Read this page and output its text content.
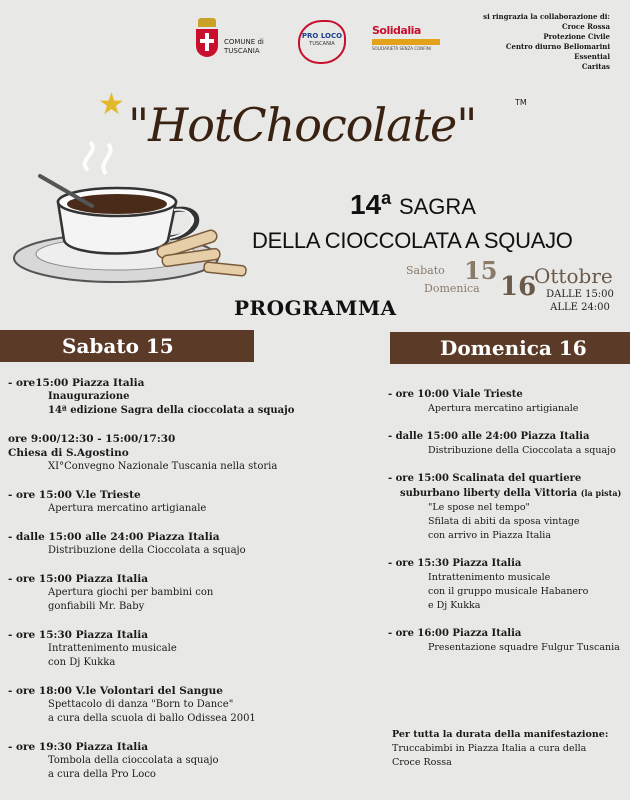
COMUNE di
TUSCANIA
PRO LOCO
TUSCANIA
Solidalia
SOLIDARIETÀ SENZA CONFINI
si ringrazia la collaborazione di:
Croce Rossa
Protezione Civile
Centro diurno Bellomarini
Essential
Caritas
★ "HotChocolate"	TM
14$^a$ SAGRA
DELLA CIOCCOLATA A SQUAJO
Sabato 15
Domenica 16
Ottobre
DALLE 15:00
ALLE 24:00
PROGRAMMA
Sabato 15	Domenica 16
- ore15:00 Piazza Italia
Inaugurazione
14ª edizione Sagra della cioccolata a squajo
ore 9:00/12:30 - 15:00/17:30
Chiesa di S.Agostino
XI°Convegno Nazionale Tuscania nella storia
- ore 15:00 V.le Trieste
Apertura mercatino artigianale
- dalle 15:00 alle 24:00 Piazza Italia
Distribuzione della Cioccolata a squajo
- ore 15:00 Piazza Italia
Apertura giochi per bambini con
gonfiabili Mr. Baby
- ore 15:30 Piazza Italia
Intrattenimento musicale
con Dj Kukka
- ore 18:00 V.le Volontari del Sangue
Spettacolo di danza "Born to Dance"
a cura della scuola di ballo Odissea 2001
- ore 19:30 Piazza Italia
Tombola della cioccolata a squajo
a cura della Pro Loco
- ore 10:00 Viale Trieste
Apertura mercatino artigianale
- dalle 15:00 alle 24:00 Piazza Italia
Distribuzione della Cioccolata a squajo
- ore 15:00 Scalinata del quartiere
suburbano liberty della Vittoria (la pista)
"Le spose nel tempo"
Sfilata di abiti da sposa vintage
con arrivo in Piazza Italia
- ore 15:30 Piazza Italia
Intrattenimento musicale
con il gruppo musicale Habanero
e Dj Kukka
- ore 16:00 Piazza Italia
Presentazione squadre Fulgur Tuscania
Per tutta la durata della manifestazione:
Truccabimbi in Piazza Italia a cura della
Croce Rossa
